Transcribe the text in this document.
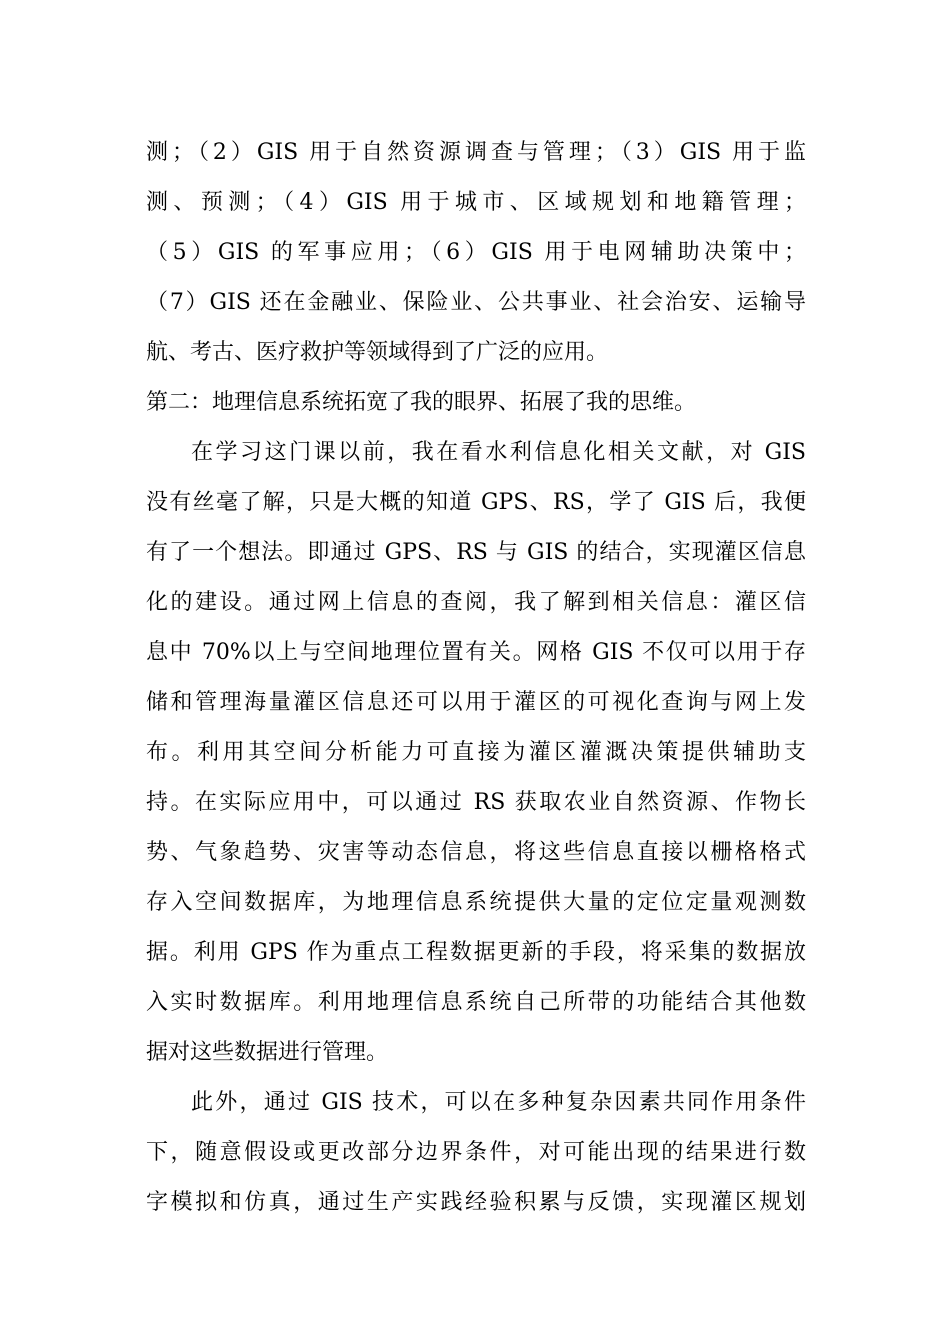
测；（2）GIS 用于自然资源调查与管理；（3）GIS 用于监
测、预测；（4）GIS 用于城市、区域规划和地籍管理；
（5）GIS 的军事应用；（6）GIS 用于电网辅助决策中；
（7）GIS 还在金融业、保险业、公共事业、社会治安、运输导
航、考古、医疗救护等领域得到了广泛的应用。
第二：地理信息系统拓宽了我的眼界、拓展了我的思维。
在学习这门课以前，我在看水利信息化相关文献，对 GIS
没有丝毫了解，只是大概的知道 GPS、RS，学了 GIS 后，我便
有了一个想法。即通过 GPS、RS 与 GIS 的结合，实现灌区信息
化的建设。通过网上信息的查阅，我了解到相关信息：灌区信
息中 70%以上与空间地理位置有关。网格 GIS 不仅可以用于存
储和管理海量灌区信息还可以用于灌区的可视化查询与网上发
布。利用其空间分析能力可直接为灌区灌溉决策提供辅助支
持。在实际应用中，可以通过 RS 获取农业自然资源、作物长
势、气象趋势、灾害等动态信息，将这些信息直接以栅格格式
存入空间数据库，为地理信息系统提供大量的定位定量观测数
据。利用 GPS 作为重点工程数据更新的手段，将采集的数据放
入实时数据库。利用地理信息系统自己所带的功能结合其他数
据对这些数据进行管理。
此外，通过 GIS 技术，可以在多种复杂因素共同作用条件
下，随意假设或更改部分边界条件，对可能出现的结果进行数
字模拟和仿真，通过生产实践经验积累与反馈，实现灌区规划
